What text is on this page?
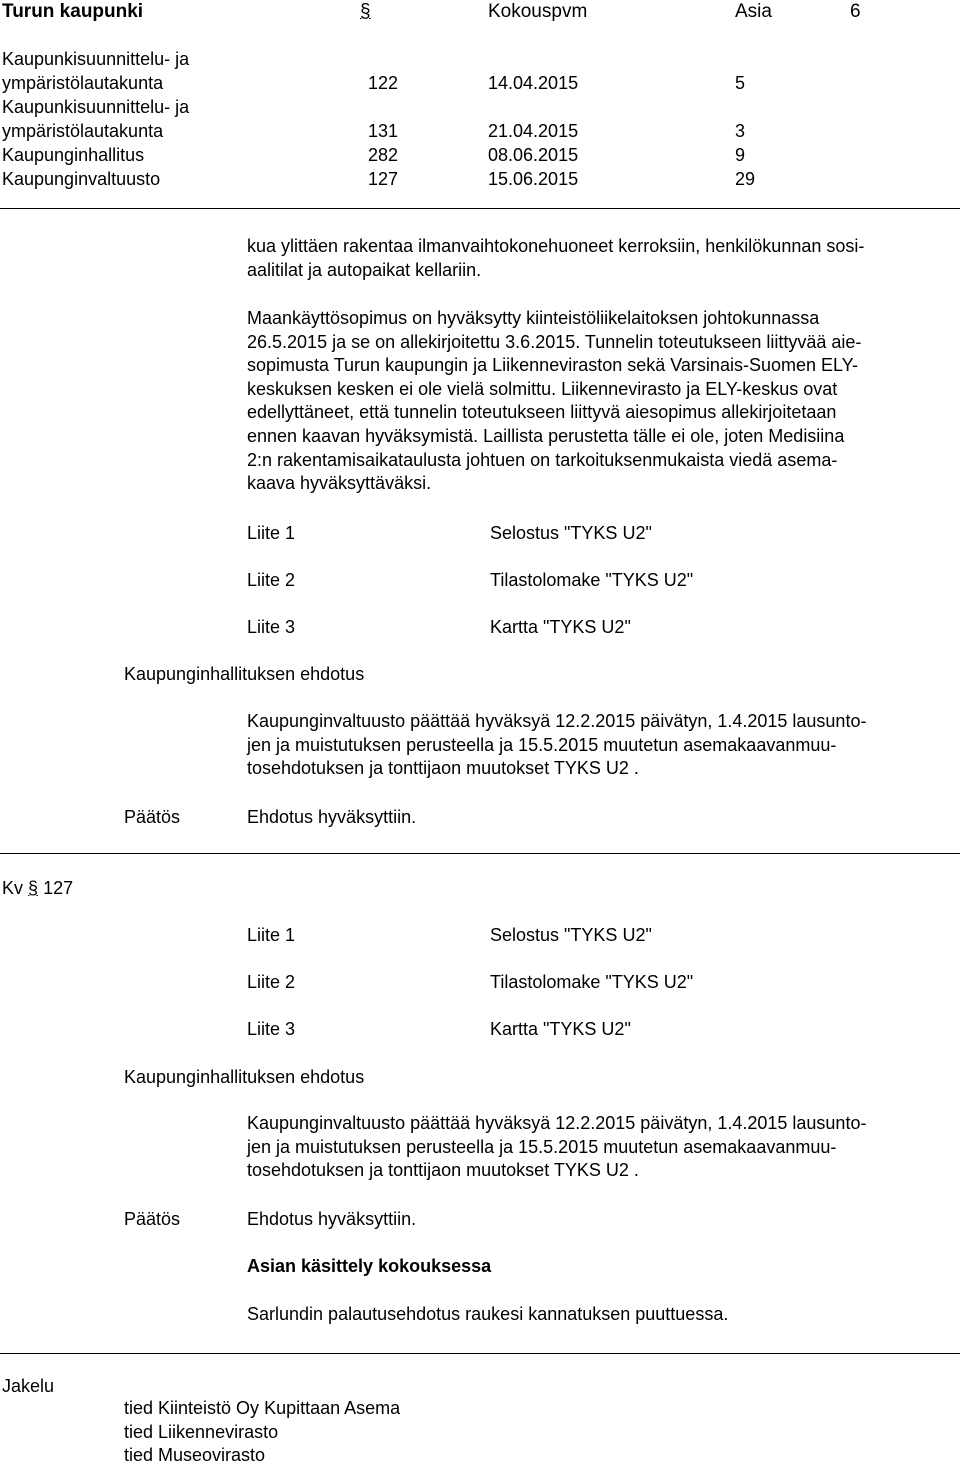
Turun kaupunki	§	Kokouspvm	Asia	6
Kaupunkisuunnittelu- ja
ympäristölautakunta	122	14.04.2015	5
Kaupunkisuunnittelu- ja
ympäristölautakunta	131	21.04.2015	3
Kaupunginhallitus	282	08.06.2015	9
Kaupunginvaltuusto	127	15.06.2015	29
kua ylittäen rakentaa ilmanvaihtokonehuoneet kerroksiin, henkilökunnan sosi-
aalitilat ja autopaikat kellariin.
Maankäyttösopimus on hyväksytty kiinteistöliikelaitoksen johtokunnassa
26.5.2015 ja se on allekirjoitettu 3.6.2015. Tunnelin toteutukseen liittyvää aie-
sopimusta Turun kaupungin ja Liikenneviraston sekä Varsinais-Suomen ELY-
keskuksen kesken ei ole vielä solmittu. Liikennevirasto ja ELY-keskus ovat
edellyttäneet, että tunnelin toteutukseen liittyvä aiesopimus allekirjoitetaan
ennen kaavan hyväksymistä. Laillista perustetta tälle ei ole, joten Medisiina
2:n rakentamisaikataulusta johtuen on tarkoituksenmukaista viedä asema-
kaava hyväksyttäväksi.
Liite 1	Selostus "TYKS U2"
Liite 2	Tilastolomake "TYKS U2"
Liite 3	Kartta "TYKS U2"
Kaupunginhallituksen ehdotus
Kaupunginvaltuusto päättää hyväksyä 12.2.2015 päivätyn, 1.4.2015 lausunto-
jen ja muistutuksen perusteella ja 15.5.2015 muutetun asemakaavanmuu-
tosehdotuksen ja tonttijaon muutokset TYKS U2 .
Päätös	Ehdotus hyväksyttiin.
Kv § 127
Liite 1	Selostus "TYKS U2"
Liite 2	Tilastolomake "TYKS U2"
Liite 3	Kartta "TYKS U2"
Kaupunginhallituksen ehdotus
Kaupunginvaltuusto päättää hyväksyä 12.2.2015 päivätyn, 1.4.2015 lausunto-
jen ja muistutuksen perusteella ja 15.5.2015 muutetun asemakaavanmuu-
tosehdotuksen ja tonttijaon muutokset TYKS U2 .
Päätös	Ehdotus hyväksyttiin.
Asian käsittely kokouksessa
Sarlundin palautusehdotus raukesi kannatuksen puuttuessa.
Jakelu
tied Kiinteistö Oy Kupittaan Asema
tied Liikennevirasto
tied Museovirasto
